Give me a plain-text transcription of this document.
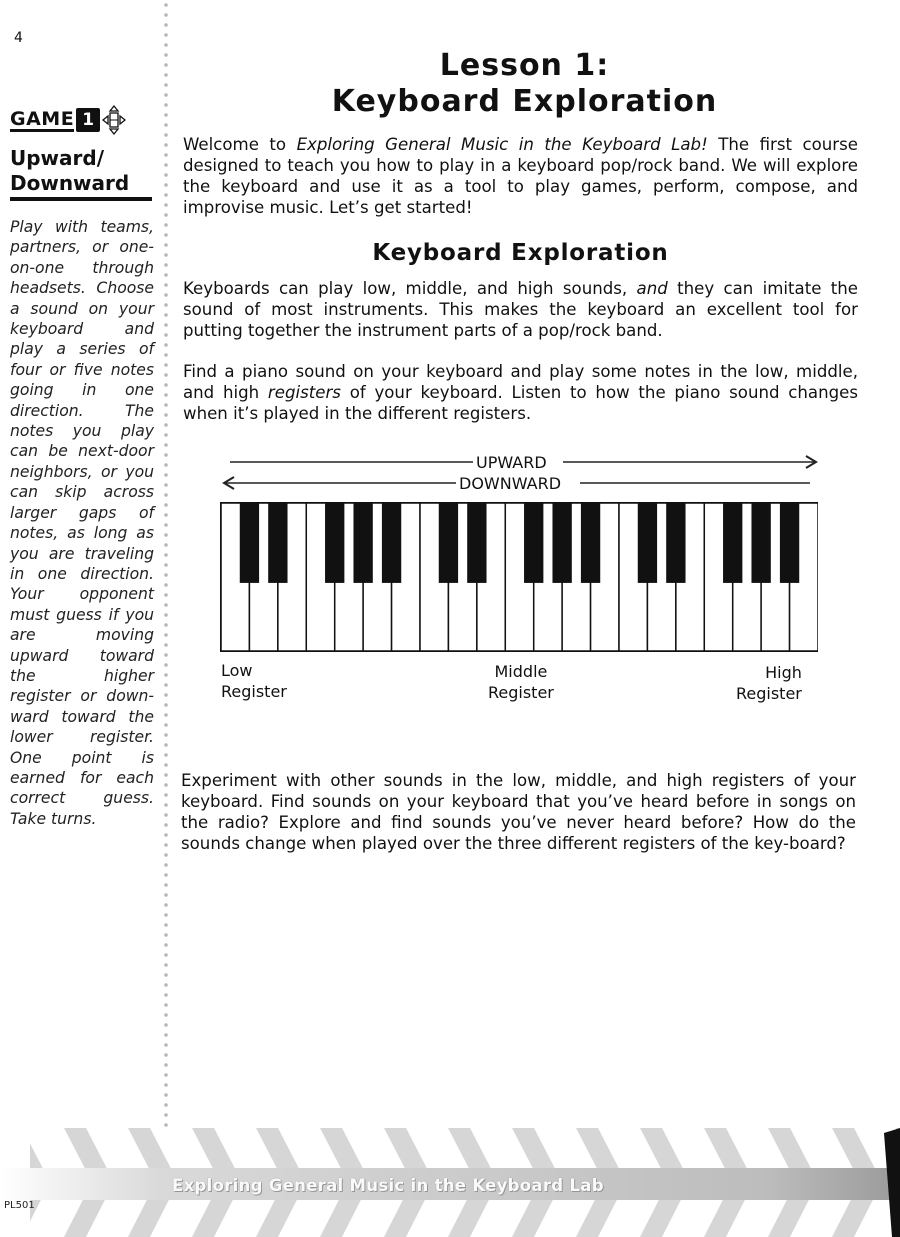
4
GAME 1
Upward/
Downward
Play with teams, partners, or one-on-one through headsets. Choose a sound on your keyboard and play a series of four or five notes going in one direction. The notes you play can be next-door neighbors, or you can skip across larger gaps of notes, as long as you are traveling in one direction. Your opponent must guess if you are moving upward toward the higher register or down-ward toward the lower register. One point is earned for each correct guess. Take turns.
Lesson 1:
Keyboard Exploration

Welcome to Exploring General Music in the Keyboard Lab! The first course designed to teach you how to play in a keyboard pop/rock band. We will explore the keyboard and use it as a tool to play games, perform, compose, and improvise music. Let’s get started!

Keyboard Exploration

Keyboards can play low, middle, and high sounds, and they can imitate the sound of most instruments. This makes the keyboard an excellent tool for putting together the instrument parts of a pop/rock band.

Find a piano sound on your keyboard and play some notes in the low, middle, and high registers of your keyboard. Listen to how the piano sound changes when it’s played in the different registers.

UPWARD
DOWNWARD
Low
Register
Middle
Register
High
Register

Experiment with other sounds in the low, middle, and high registers of your keyboard. Find sounds on your keyboard that you’ve heard before in songs on the radio? Explore and find sounds you’ve never heard before? How do the sounds change when played over the three different registers of the key-board?

Exploring General Music in the Keyboard Lab
PL501
